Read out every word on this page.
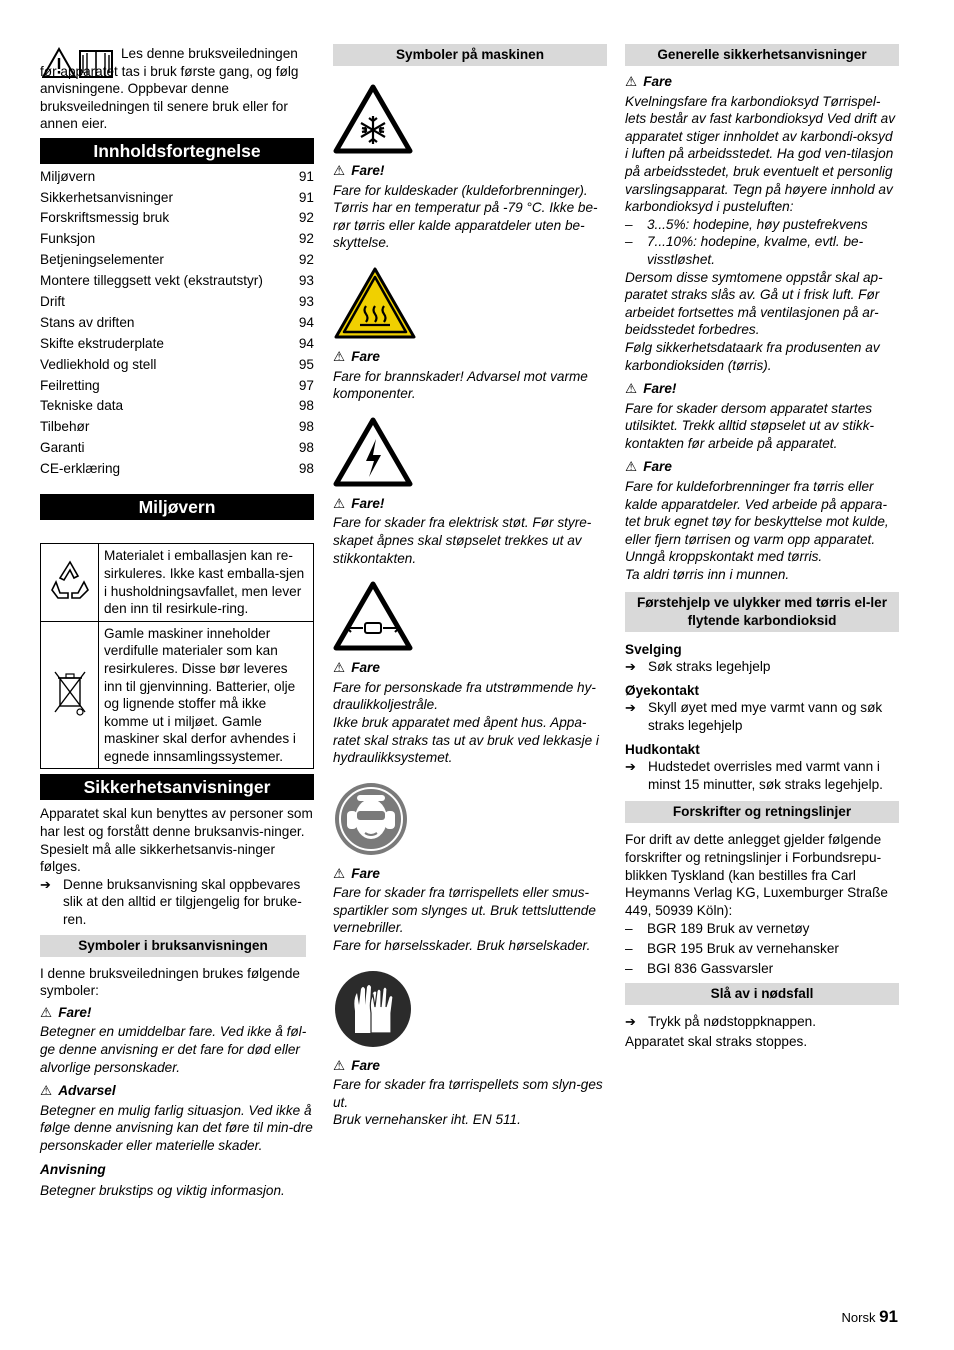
Les denne bruksveiledningen før apparatet tas i bruk første gang, og følg anvisningene. Oppbevar denne bruksveiledningen til senere bruk eller for annen eier.

Innholdsfortegnelse
Miljøvern	91
Sikkerhetsanvisninger	91
Forskriftsmessig bruk	92
Funksjon	92
Betjeningselementer	92
Montere tilleggsett vekt (ekstrautstyr)	93
Drift	93
Stans av driften	94
Skifte ekstruderplate	94
Vedliekhold og stell	95
Feilretting	97
Tekniske data	98
Tilbehør	98
Garanti	98
CE-erklæring	98
Miljøvern
	Materialet i emballasjen kan re-sirkuleres. Ikke kast emballa-sjen i husholdningsavfallet, men lever den inn til resirkule-ring.
	Gamle maskiner inneholder verdifulle materialer som kan resirkuleres. Disse bør leveres inn til gjenvinning. Batterier, olje og lignende stoffer må ikke komme ut i miljøet. Gamle maskiner skal derfor avhendes i egnede innsamlingssystemer.
Sikkerhetsanvisninger

Apparatet skal kun benyttes av personer som har lest og forstått denne bruksanvis-ninger. Spesielt må alle sikkerhetsanvis-ninger følges.

➔ Denne bruksanvisning skal oppbevares slik at den alltid er tilgjengelig for bruke-ren.
Symboler i bruksanvisningen

I denne bruksveiledningen brukes følgende symboler:

⚠ Fare!

Betegner en umiddelbar fare. Ved ikke å føl-ge denne anvisning er det fare for død eller alvorlige personskader.

⚠ Advarsel

Betegner en mulig farlig situasjon. Ved ikke å følge denne anvisning kan det føre til min-dre personskader eller materielle skader.

Anvisning

Betegner brukstips og viktig informasjon.

Symboler på maskinen
⚠ Fare!

Fare for kuldeskader (kuldeforbrenninger). Tørris har en temperatur på -79 °C. Ikke be-rør tørris eller kalde apparatdeler uten be-skyttelse.

⚠ Fare

Fare for brannskader! Advarsel mot varme komponenter.

⚠ Fare!

Fare for skader fra elektrisk støt. Før styre-skapet åpnes skal støpselet trekkes ut av stikkontakten.

⚠ Fare

Fare for personskade fra utstrømmende hy-draulikkoljestråle.

Ikke bruk apparatet med åpent hus. Appa-ratet skal straks tas ut av bruk ved lekkasje i hydraulikksystemet.

⚠ Fare

Fare for skader fra tørrispellets eller smus-spartikler som slynges ut. Bruk tettsluttende vernebriller.

Fare for hørselsskader. Bruk hørselskader.

⚠ Fare

Fare for skader fra tørrispellets som slyn-ges ut.

Bruk vernehansker iht. EN 511.

Generelle sikkerhetsanvisninger
⚠ Fare

Kvelningsfare fra karbondioksyd Tørrispel-lets består av fast karbondioksyd Ved drift av apparatet stiger innholdet av karbondi-oksyd i luften på arbeidsstedet. Ha god ven-tilasjon på arbeidsstedet, bruk eventuelt et personlig varslingsapparat. Tegn på høyere innhold av karbondioksyd i pusteluften:

–	3...5%: hodepine, høy pustefrekvens
–	7...10%: hodepine, kvalme, evtl. be-visstløshet.

Dersom disse symtomene oppstår skal ap-paratet straks slås av. Gå ut i frisk luft. Før arbeidet fortsettes må ventilasjonen på ar-beidsstedet forbedres.

Følg sikkerhetsdataark fra produsenten av karbondioksiden (tørris).

⚠ Fare!

Fare for skader dersom apparatet startes utilsiktet. Trekk alltid støpselet ut av stikk-kontakten før arbeide på apparatet.

⚠ Fare

Fare for kuldeforbrenninger fra tørris eller kalde apparatdeler. Ved arbeide på appara-tet bruk egnet tøy for beskyttelse mot kulde, eller fjern tørrisen og varm opp apparatet. Unngå kroppskontakt med tørris.

Ta aldri tørris inn i munnen.

Førstehjelp ve ulykker med tørris el-ler flytende karbondioksid
Svelging
➔ Søk straks legehjelp
Øyekontakt
➔ Skyll øyet med mye varmt vann og søk straks legehjelp
Hudkontakt
➔ Hudstedet overrisles med varmt vann i minst 15 minutter, søk straks legehjelp.
Forskrifter og retningslinjer

For drift av dette anlegget gjelder følgende forskrifter og retningslinjer i Forbundsrepu-blikken Tyskland (kan bestilles fra Carl Heymanns Verlag KG, Luxemburger Straße 449, 50939 Köln):

–	BGR 189 Bruk av vernetøy
–	BGR 195 Bruk av vernehansker
–	BGI 836 Gassvarsler
Slå av i nødsfall
➔ Trykk på nødstoppknappen.

Apparatet skal straks stoppes.

Norsk 91
